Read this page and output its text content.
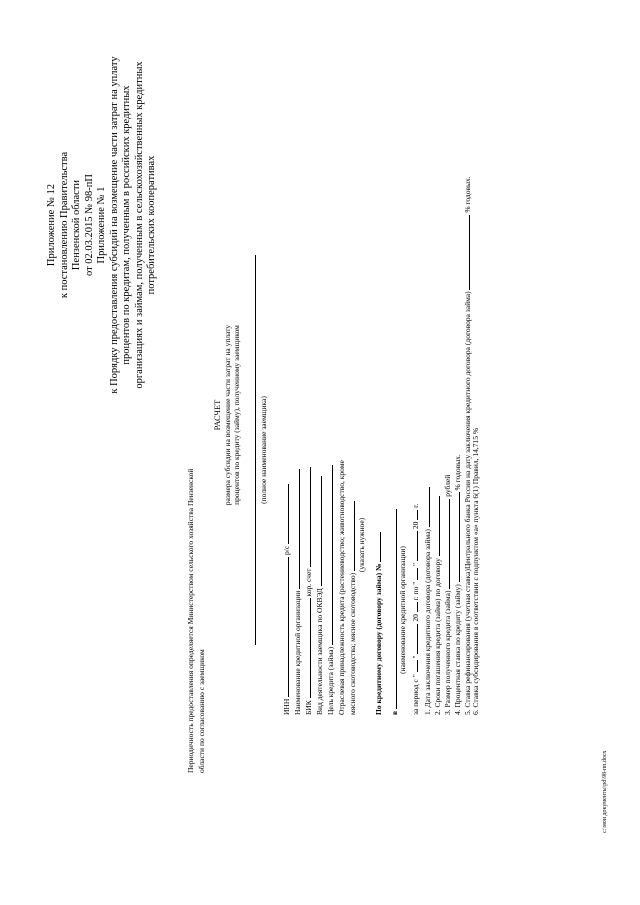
Приложение № 12 к постановлению Правительства Пензенской области от 02.03.2015 № 98-пП Приложение № 1 к Порядку предоставления субсидий на возмещение части затрат на уплату процентов по кредитам, полученным в российских кредитных организациях и займам, полученным в сельскохозяйственных кредитных потребительских кооперативах
Периодичность предоставления определяется Министерством сельского хозяйства Пензенской области по согласованию с заемщиком
РАСЧЕТ размера субсидии на возмещение части затрат на уплату процентов по кредиту (займу), полученному заемщиком (полное наименование заемщика)
ИНН  р/с
Наименование кредитной организации БИК  кор. счет
Вид деятельности заемщика по ОКВЭД Цель кредита (займа) Отраслевая принадлежность кредита (растениеводство; животноводство, кроме мясного скотоводства; мясное скотоводство)
(указать нужное)
По кредитному договору (договору займа) № в
(наименование кредитной организации)
за период с "  "  20  г. по "  "  20  г.
1. Дата заключения кредитного договора (договора займа) 2. Сроки погашения кредита (займа) по договору 3. Размер полученного кредита (займа)  рублей
4. Процентная ставка по кредиту (займу)  % годовых. 5. Ставка рефинансирования (учетная ставка)Центрального банка России на дату заключения кредитного договора (договора займа)  % годовых.
6. Ставка субсидирования в соответствии с подпунктом «а» пункта 6(1) Правил, 14,715 %
c:\мои документы\pd\98-пп.docx
